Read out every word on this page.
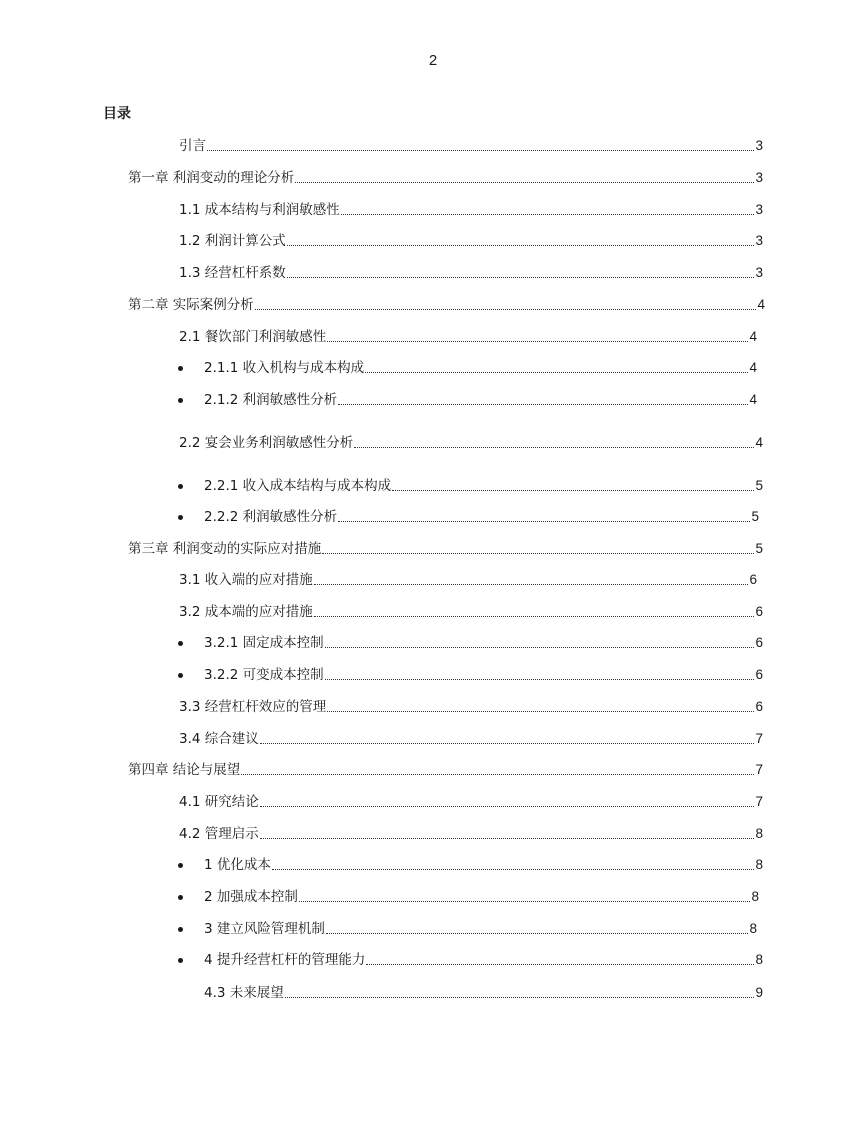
2
目录
引言	3
第一章 利润变动的理论分析	3
1.1 成本结构与利润敏感性	3
1.2 利润计算公式	3
1.3 经营杠杆系数	3
第二章 实际案例分析	4
2.1 餐饮部门利润敏感性	4
2.1.1 收入机构与成本构成	4
2.1.2 利润敏感性分析	4
2.2 宴会业务利润敏感性分析	4
2.2.1 收入成本结构与成本构成	5
2.2.2 利润敏感性分析	5
第三章 利润变动的实际应对措施	5
3.1 收入端的应对措施	6
3.2 成本端的应对措施	6
3.2.1 固定成本控制	6
3.2.2 可变成本控制	6
3.3 经营杠杆效应的管理	6
3.4 综合建议	7
第四章 结论与展望	7
4.1 研究结论	7
4.2 管理启示	8
1 优化成本	8
2 加强成本控制	8
3 建立风险管理机制	8
4 提升经营杠杆的管理能力	8
4.3 未来展望	9
